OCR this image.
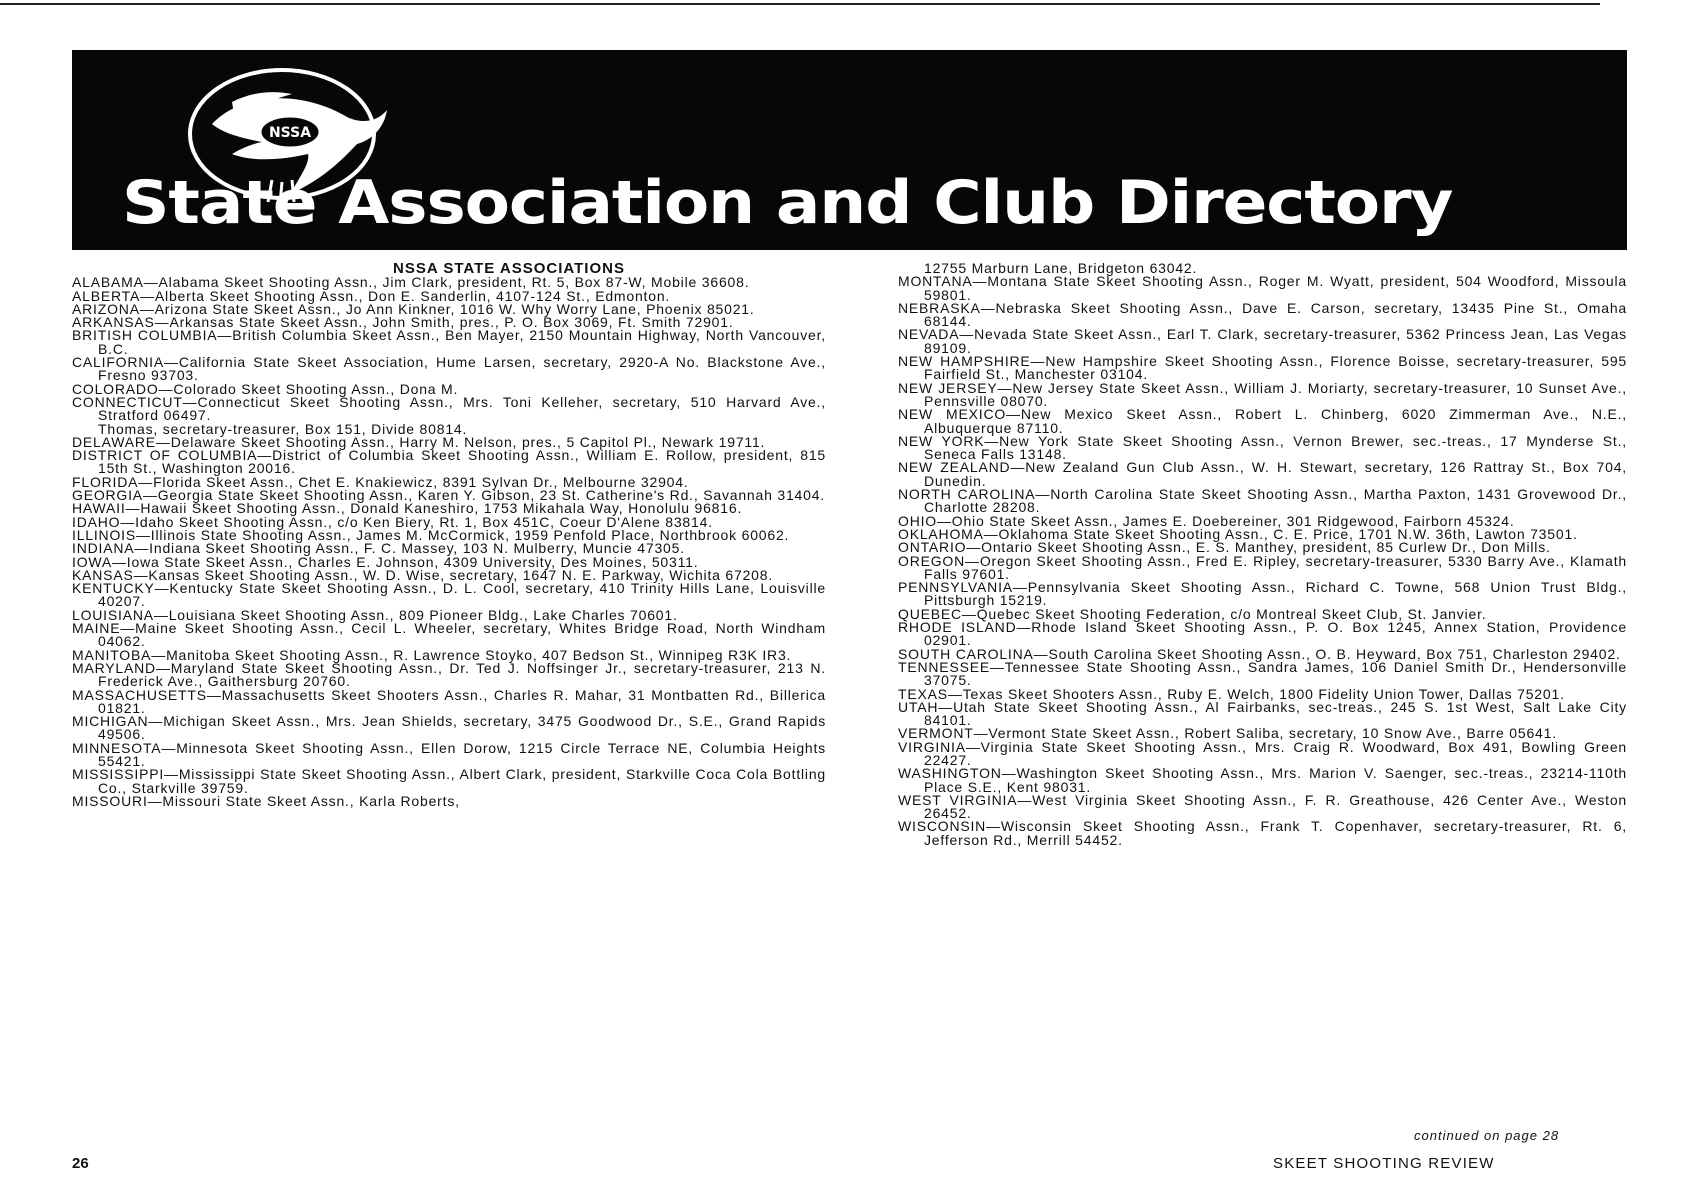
NSSA
State Association and Club Directory
NSSA STATE ASSOCIATIONS
ALABAMA—Alabama Skeet Shooting Assn., Jim Clark, president, Rt. 5, Box 87-W, Mobile 36608.
ALBERTA—Alberta Skeet Shooting Assn., Don E. Sanderlin, 4107-124 St., Edmonton.
ARIZONA—Arizona State Skeet Assn., Jo Ann Kinkner, 1016 W. Why Worry Lane, Phoenix 85021.
ARKANSAS—Arkansas State Skeet Assn., John Smith, pres., P. O. Box 3069, Ft. Smith 72901.
BRITISH COLUMBIA—British Columbia Skeet Assn., Ben Mayer, 2150 Mountain Highway, North Vancouver, B.C.
CALIFORNIA—California State Skeet Association, Hume Larsen, secretary, 2920-A No. Blackstone Ave., Fresno 93703.
COLORADO—Colorado Skeet Shooting Assn., Dona M.
CONNECTICUT—Connecticut Skeet Shooting Assn., Mrs. Toni Kelleher, secretary, 510 Harvard Ave., Stratford 06497.
Thomas, secretary-treasurer, Box 151, Divide 80814.
DELAWARE—Delaware Skeet Shooting Assn., Harry M. Nelson, pres., 5 Capitol Pl., Newark 19711.
DISTRICT OF COLUMBIA—District of Columbia Skeet Shooting Assn., William E. Rollow, president, 815 15th St., Washington 20016.
FLORIDA—Florida Skeet Assn., Chet E. Knakiewicz, 8391 Sylvan Dr., Melbourne 32904.
GEORGIA—Georgia State Skeet Shooting Assn., Karen Y. Gibson, 23 St. Catherine's Rd., Savannah 31404.
HAWAII—Hawaii Skeet Shooting Assn., Donald Kaneshiro, 1753 Mikahala Way, Honolulu 96816.
IDAHO—Idaho Skeet Shooting Assn., c/o Ken Biery, Rt. 1, Box 451C, Coeur D'Alene 83814.
ILLINOIS—Illinois State Shooting Assn., James M. McCormick, 1959 Penfold Place, Northbrook 60062.
INDIANA—Indiana Skeet Shooting Assn., F. C. Massey, 103 N. Mulberry, Muncie 47305.
IOWA—Iowa State Skeet Assn., Charles E. Johnson, 4309 University, Des Moines, 50311.
KANSAS—Kansas Skeet Shooting Assn., W. D. Wise, secretary, 1647 N. E. Parkway, Wichita 67208.
KENTUCKY—Kentucky State Skeet Shooting Assn., D. L. Cool, secretary, 410 Trinity Hills Lane, Louisville 40207.
LOUISIANA—Louisiana Skeet Shooting Assn., 809 Pioneer Bldg., Lake Charles 70601.
MAINE—Maine Skeet Shooting Assn., Cecil L. Wheeler, secretary, Whites Bridge Road, North Windham 04062.
MANITOBA—Manitoba Skeet Shooting Assn., R. Lawrence Stoyko, 407 Bedson St., Winnipeg R3K IR3.
MARYLAND—Maryland State Skeet Shooting Assn., Dr. Ted J. Noffsinger Jr., secretary-treasurer, 213 N. Frederick Ave., Gaithersburg 20760.
MASSACHUSETTS—Massachusetts Skeet Shooters Assn., Charles R. Mahar, 31 Montbatten Rd., Billerica 01821.
MICHIGAN—Michigan Skeet Assn., Mrs. Jean Shields, secretary, 3475 Goodwood Dr., S.E., Grand Rapids 49506.
MINNESOTA—Minnesota Skeet Shooting Assn., Ellen Dorow, 1215 Circle Terrace NE, Columbia Heights 55421.
MISSISSIPPI—Mississippi State Skeet Shooting Assn., Albert Clark, president, Starkville Coca Cola Bottling Co., Starkville 39759.
MISSOURI—Missouri State Skeet Assn., Karla Roberts,
12755 Marburn Lane, Bridgeton 63042.
MONTANA—Montana State Skeet Shooting Assn., Roger M. Wyatt, president, 504 Woodford, Missoula 59801.
NEBRASKA—Nebraska Skeet Shooting Assn., Dave E. Carson, secretary, 13435 Pine St., Omaha 68144.
NEVADA—Nevada State Skeet Assn., Earl T. Clark, secretary-treasurer, 5362 Princess Jean, Las Vegas 89109.
NEW HAMPSHIRE—New Hampshire Skeet Shooting Assn., Florence Boisse, secretary-treasurer, 595 Fairfield St., Manchester 03104.
NEW JERSEY—New Jersey State Skeet Assn., William J. Moriarty, secretary-treasurer, 10 Sunset Ave., Pennsville 08070.
NEW MEXICO—New Mexico Skeet Assn., Robert L. Chinberg, 6020 Zimmerman Ave., N.E., Albuquerque 87110.
NEW YORK—New York State Skeet Shooting Assn., Vernon Brewer, sec.-treas., 17 Mynderse St., Seneca Falls 13148.
NEW ZEALAND—New Zealand Gun Club Assn., W. H. Stewart, secretary, 126 Rattray St., Box 704, Dunedin.
NORTH CAROLINA—North Carolina State Skeet Shooting Assn., Martha Paxton, 1431 Grovewood Dr., Charlotte 28208.
OHIO—Ohio State Skeet Assn., James E. Doebereiner, 301 Ridgewood, Fairborn 45324.
OKLAHOMA—Oklahoma State Skeet Shooting Assn., C. E. Price, 1701 N.W. 36th, Lawton 73501.
ONTARIO—Ontario Skeet Shooting Assn., E. S. Manthey, president, 85 Curlew Dr., Don Mills.
OREGON—Oregon Skeet Shooting Assn., Fred E. Ripley, secretary-treasurer, 5330 Barry Ave., Klamath Falls 97601.
PENNSYLVANIA—Pennsylvania Skeet Shooting Assn., Richard C. Towne, 568 Union Trust Bldg., Pittsburgh 15219.
QUEBEC—Quebec Skeet Shooting Federation, c/o Montreal Skeet Club, St. Janvier.
RHODE ISLAND—Rhode Island Skeet Shooting Assn., P. O. Box 1245, Annex Station, Providence 02901.
SOUTH CAROLINA—South Carolina Skeet Shooting Assn., O. B. Heyward, Box 751, Charleston 29402.
TENNESSEE—Tennessee State Shooting Assn., Sandra James, 106 Daniel Smith Dr., Hendersonville 37075.
TEXAS—Texas Skeet Shooters Assn., Ruby E. Welch, 1800 Fidelity Union Tower, Dallas 75201.
UTAH—Utah State Skeet Shooting Assn., Al Fairbanks, sec-treas., 245 S. 1st West, Salt Lake City 84101.
VERMONT—Vermont State Skeet Assn., Robert Saliba, secretary, 10 Snow Ave., Barre 05641.
VIRGINIA—Virginia State Skeet Shooting Assn., Mrs. Craig R. Woodward, Box 491, Bowling Green 22427.
WASHINGTON—Washington Skeet Shooting Assn., Mrs. Marion V. Saenger, sec.-treas., 23214-110th Place S.E., Kent 98031.
WEST VIRGINIA—West Virginia Skeet Shooting Assn., F. R. Greathouse, 426 Center Ave., Weston 26452.
WISCONSIN—Wisconsin Skeet Shooting Assn., Frank T. Copenhaver, secretary-treasurer, Rt. 6, Jefferson Rd., Merrill 54452.
continued on page 28
26	SKEET SHOOTING REVIEW
